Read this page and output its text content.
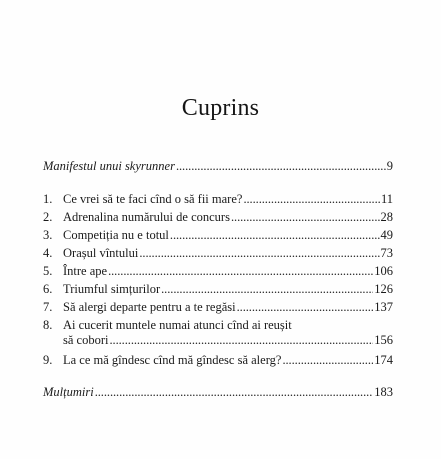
Cuprins
Manifestul unui skyrunner . . .	9
1. Ce vrei să te faci cînd o să fii mare? . . .	11
2. Adrenalina numărului de concurs . . .	28
3. Competiția nu e totul . . .	49
4. Orașul vîntului . . .	73
5. Între ape . . .	106
6. Triumful simțurilor . . .	126
7. Să alergi departe pentru a te regăsi . . .	137
8. Ai cucerit muntele numai atunci cînd ai reușit
să cobori . . .	156
9. La ce mă gîndesc cînd mă gîndesc să alerg? . . .	174
Mulțumiri . . .	183
